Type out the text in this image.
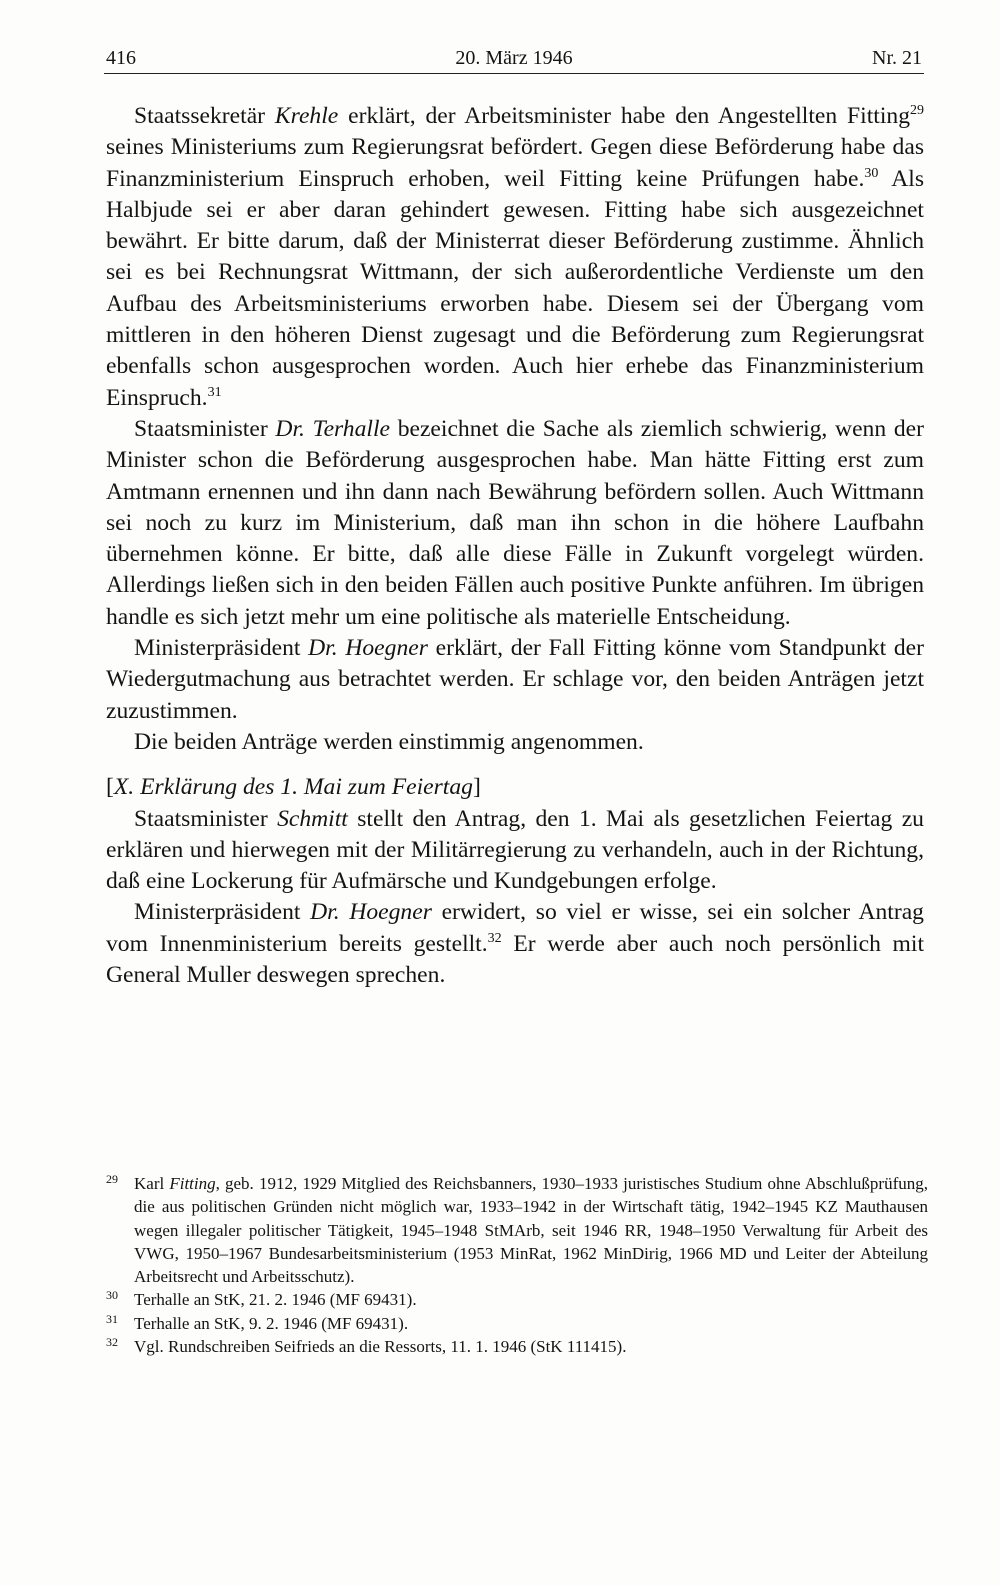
416	20. März 1946	Nr. 21

Staatssekretär Krehle erklärt, der Arbeitsminister habe den Angestellten Fitting$^{29}$ seines Ministeriums zum Regierungsrat befördert. Gegen diese Beförderung habe das Finanzministerium Einspruch erhoben, weil Fitting keine Prüfungen habe.$^{30}$ Als Halbjude sei er aber daran gehindert gewesen. Fitting habe sich ausgezeichnet bewährt. Er bitte darum, daß der Ministerrat dieser Beförderung zustimme. Ähnlich sei es bei Rechnungsrat Wittmann, der sich außerordentliche Verdienste um den Aufbau des Arbeitsministeriums erworben habe. Diesem sei der Übergang vom mittleren in den höheren Dienst zugesagt und die Beförderung zum Regierungsrat ebenfalls schon ausgesprochen worden. Auch hier erhebe das Finanzministerium Einspruch.$^{31}$

Staatsminister Dr. Terhalle bezeichnet die Sache als ziemlich schwierig, wenn der Minister schon die Beförderung ausgesprochen habe. Man hätte Fitting erst zum Amtmann ernennen und ihn dann nach Bewährung befördern sollen. Auch Wittmann sei noch zu kurz im Ministerium, daß man ihn schon in die höhere Laufbahn übernehmen könne. Er bitte, daß alle diese Fälle in Zukunft vorgelegt würden. Allerdings ließen sich in den beiden Fällen auch positive Punkte anführen. Im übrigen handle es sich jetzt mehr um eine politische als materielle Entscheidung.

Ministerpräsident Dr. Hoegner erklärt, der Fall Fitting könne vom Standpunkt der Wiedergutmachung aus betrachtet werden. Er schlage vor, den beiden Anträgen jetzt zuzustimmen.

Die beiden Anträge werden einstimmig angenommen.

[X. Erklärung des 1. Mai zum Feiertag]

Staatsminister Schmitt stellt den Antrag, den 1. Mai als gesetzlichen Feiertag zu erklären und hierwegen mit der Militärregierung zu verhandeln, auch in der Richtung, daß eine Lockerung für Aufmärsche und Kundgebungen erfolge.

Ministerpräsident Dr. Hoegner erwidert, so viel er wisse, sei ein solcher Antrag vom Innenministerium bereits gestellt.$^{32}$ Er werde aber auch noch persönlich mit General Muller deswegen sprechen.

29 Karl Fitting, geb. 1912, 1929 Mitglied des Reichsbanners, 1930–1933 juristisches Studium ohne Abschlußprüfung, die aus politischen Gründen nicht möglich war, 1933–1942 in der Wirtschaft tätig, 1942–1945 KZ Mauthausen wegen illegaler politischer Tätigkeit, 1945–1948 StMArb, seit 1946 RR, 1948–1950 Verwaltung für Arbeit des VWG, 1950–1967 Bundesarbeitsministerium (1953 MinRat, 1962 MinDirig, 1966 MD und Leiter der Abteilung Arbeitsrecht und Arbeitsschutz).
30 Terhalle an StK, 21. 2. 1946 (MF 69431).
31 Terhalle an StK, 9. 2. 1946 (MF 69431).
32 Vgl. Rundschreiben Seifrieds an die Ressorts, 11. 1. 1946 (StK 111415).
